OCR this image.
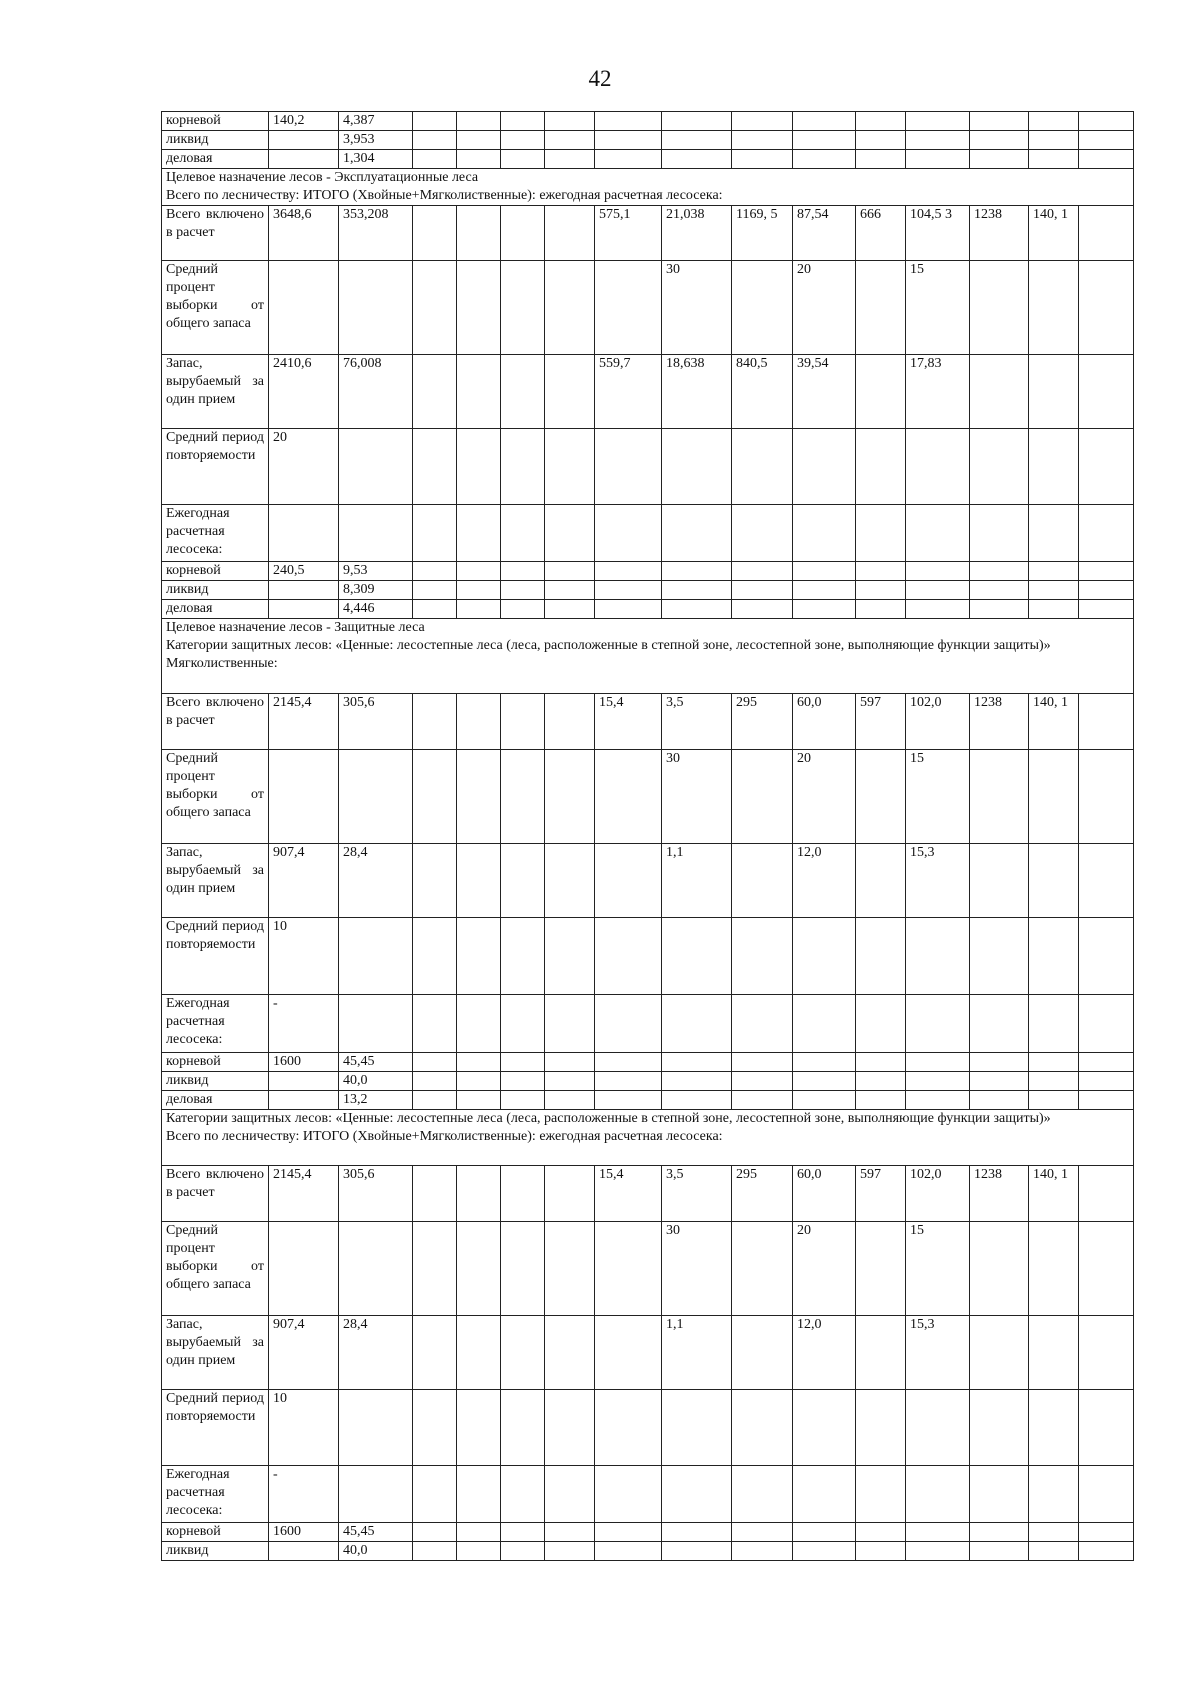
42
корневой	140,2	4,387													
ликвид		3,953													
деловая		1,304													

Целевое назначение лесов - Эксплуатационные леса
Всего по лесничеству: ИТОГО (Хвойные+Мягколиственные): ежегодная расчетная лесосека:															

Всего включено в расчет	3648,6	353,208					575,1	21,038	1169, 5	87,54	666	104,5 3	1238	140, 1	
Средний процент выборки от общего запаса								30		20		15			
Запас, вырубаемый за один прием	2410,6	76,008					559,7	18,638	840,5	39,54		17,83			
Средний период повторяемости	20														
Ежегодная расчетная лесосека:															
корневой	240,5	9,53													
ликвид		8,309													
деловая		4,446													

Целевое назначение лесов - Защитные леса
Категории защитных лесов: «Ценные: лесостепные леса (леса, расположенные в степной зоне, лесостепной зоне, выполняющие функции защиты)»
Мягколиственные:															

Всего включено в расчет	2145,4	305,6					15,4	3,5	295	60,0	597	102,0	1238	140, 1	
Средний процент выборки от общего запаса								30		20		15			
Запас, вырубаемый за один прием	907,4	28,4						1,1		12,0		15,3			
Средний период повторяемости	10														
Ежегодная расчетная лесосека:	-														
корневой	1600	45,45													
ликвид		40,0													
деловая		13,2													

Категории защитных лесов: «Ценные: лесостепные леса (леса, расположенные в степной зоне, лесостепной зоне, выполняющие функции защиты)»
Всего по лесничеству: ИТОГО (Хвойные+Мягколиственные): ежегодная расчетная лесосека:															

Всего включено в расчет	2145,4	305,6					15,4	3,5	295	60,0	597	102,0	1238	140, 1	
Средний процент выборки от общего запаса								30		20		15			
Запас, вырубаемый за один прием	907,4	28,4						1,1		12,0		15,3			
Средний период повторяемости	10														
Ежегодная расчетная лесосека:	-														
корневой	1600	45,45													
ликвид		40,0													
